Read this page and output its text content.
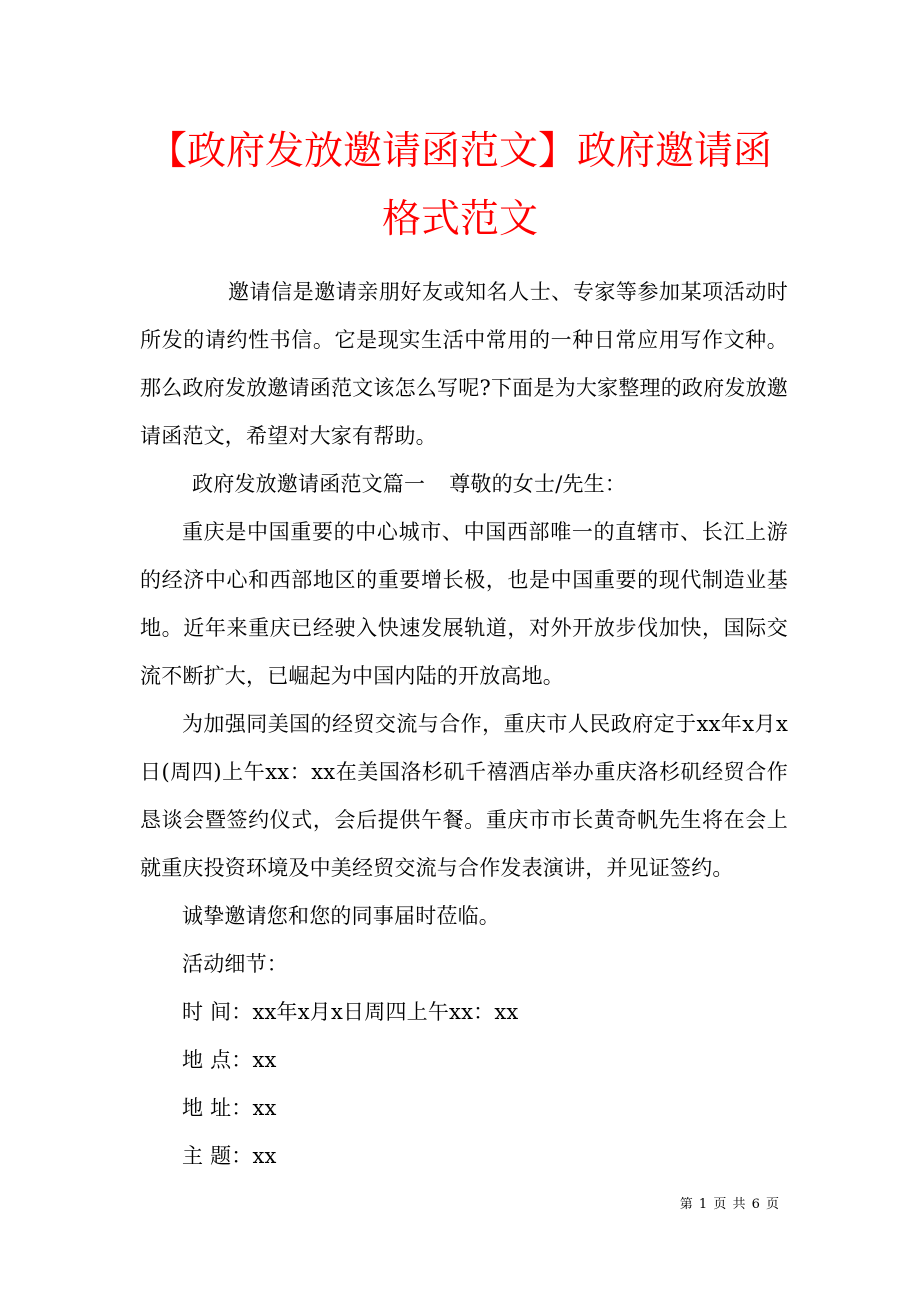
【政府发放邀请函范文】政府邀请函格式范文

邀请信是邀请亲朋好友或知名人士、专家等参加某项活动时所发的请约性书信。它是现实生活中常用的一种日常应用写作文种。那么政府发放邀请函范文该怎么写呢?下面是为大家整理的政府发放邀请函范文，希望对大家有帮助。

政府发放邀请函范文篇一 尊敬的女士/先生：

重庆是中国重要的中心城市、中国西部唯一的直辖市、长江上游的经济中心和西部地区的重要增长极，也是中国重要的现代制造业基地。近年来重庆已经驶入快速发展轨道，对外开放步伐加快，国际交流不断扩大，已崛起为中国内陆的开放高地。

为加强同美国的经贸交流与合作，重庆市人民政府定于xx年x月x日(周四)上午xx：xx在美国洛杉矶千禧酒店举办重庆洛杉矶经贸合作恳谈会暨签约仪式，会后提供午餐。重庆市市长黄奇帆先生将在会上就重庆投资环境及中美经贸交流与合作发表演讲，并见证签约。

诚挚邀请您和您的同事届时莅临。

活动细节：

时 间：xx年x月x日周四上午xx：xx

地 点：xx

地 址：xx

主 题：xx

第 1 页 共 6 页
